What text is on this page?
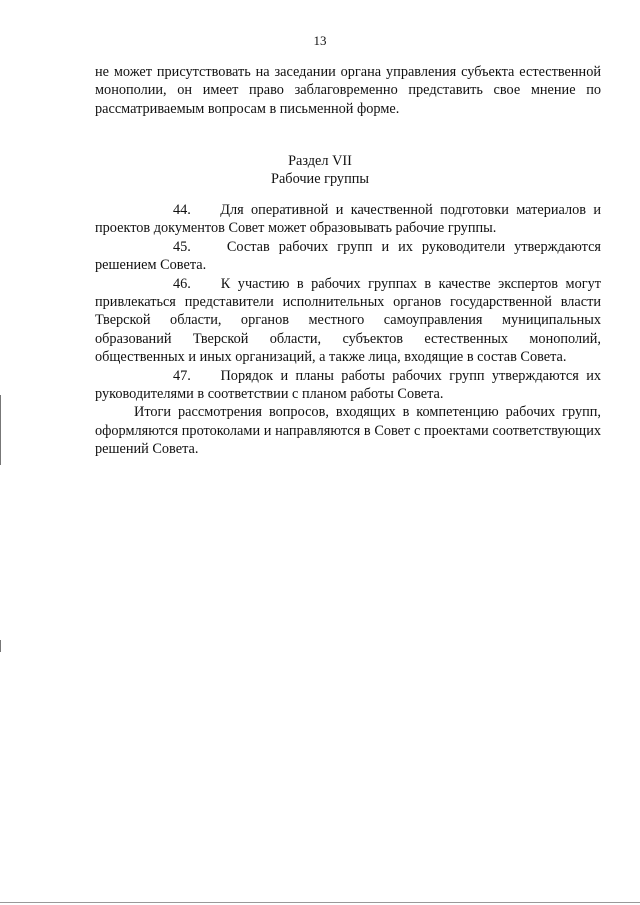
13

не может присутствовать на заседании органа управления субъекта естественной монополии, он имеет право заблаговременно представить свое мнение по рассматриваемым вопросам в письменной форме.

Раздел VII
Рабочие группы

44. Для оперативной и качественной подготовки материалов и проектов документов Совет может образовывать рабочие группы.

45.	Состав рабочих групп и их руководители утверждаются решением Совета.

46. К участию в рабочих группах в качестве экспертов могут привлекаться представители исполнительных органов государственной власти Тверской области, органов местного самоуправления муниципальных образований Тверской области, субъектов естественных монополий, общественных и иных организаций, а также лица, входящие в состав Совета.

47. Порядок и планы работы рабочих групп утверждаются их руководителями в соответствии с планом работы Совета.

Итоги рассмотрения вопросов, входящих в компетенцию рабочих групп, оформляются протоколами и направляются в Совет с проектами соответствующих решений Совета.
